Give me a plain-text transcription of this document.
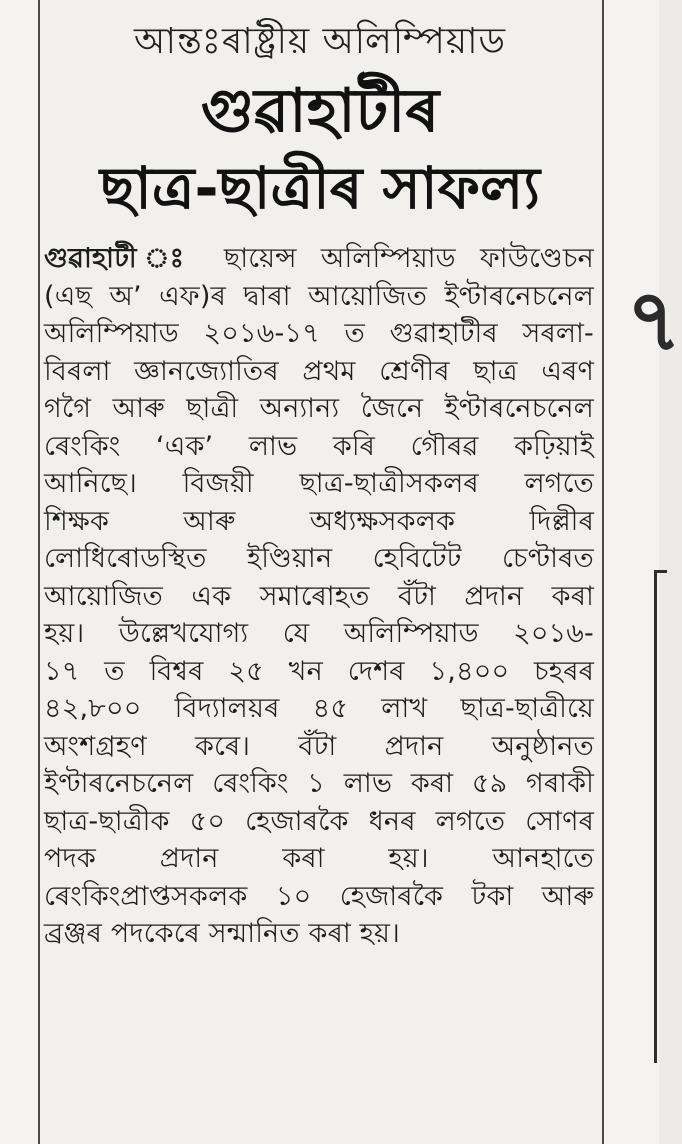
৭
আন্তঃৰাষ্ট্ৰীয় অলিম্পিয়াড
গুৱাহাটীৰ
ছাত্ৰ-ছাত্ৰীৰ সাফল্য
গুৱাহাটী ঃ ছায়েন্স অলিম্পিয়াড ফাউণ্ডেচন
(এছ অ’ এফ)ৰ দ্বাৰা আয়োজিত ইণ্টাৰনেচনেল
অলিম্পিয়াড ২০১৬-১৭ ত গুৱাহাটীৰ সৰলা-
বিৰলা জ্ঞানজ্যোতিৰ প্ৰথম শ্ৰেণীৰ ছাত্ৰ এৰণ
গগৈ আৰু ছাত্ৰী অন্যান্য জৈনে ইণ্টাৰনেচনেল
ৰেংকিং ‘এক’ লাভ কৰি গৌৰৱ কঢ়িয়াই
আনিছে। বিজয়ী ছাত্ৰ-ছাত্ৰীসকলৰ লগতে
শিক্ষক আৰু অধ্যক্ষসকলক দিল্লীৰ
লোধিৰোডস্থিত ইণ্ডিয়ান হেবিটেট চেণ্টাৰত
আয়োজিত এক সমাৰোহত বঁটা প্ৰদান কৰা
হয়। উল্লেখযোগ্য যে অলিম্পিয়াড ২০১৬-
১৭ ত বিশ্বৰ ২৫ খন দেশৰ ১,৪০০ চহৰৰ
৪২,৮০০ বিদ্যালয়ৰ ৪৫ লাখ ছাত্ৰ-ছাত্ৰীয়ে
অংশগ্ৰহণ কৰে। বঁটা প্ৰদান অনুষ্ঠানত
ইণ্টাৰনেচনেল ৰেংকিং ১ লাভ কৰা ৫৯ গৰাকী
ছাত্ৰ-ছাত্ৰীক ৫০ হেজাৰকৈ ধনৰ লগতে সোণৰ
পদক প্ৰদান কৰা হয়। আনহাতে
ৰেংকিংপ্ৰাপ্তসকলক ১০ হেজাৰকৈ টকা আৰু
ব্ৰঞ্জৰ পদকেৰে সন্মানিত কৰা হয়।
